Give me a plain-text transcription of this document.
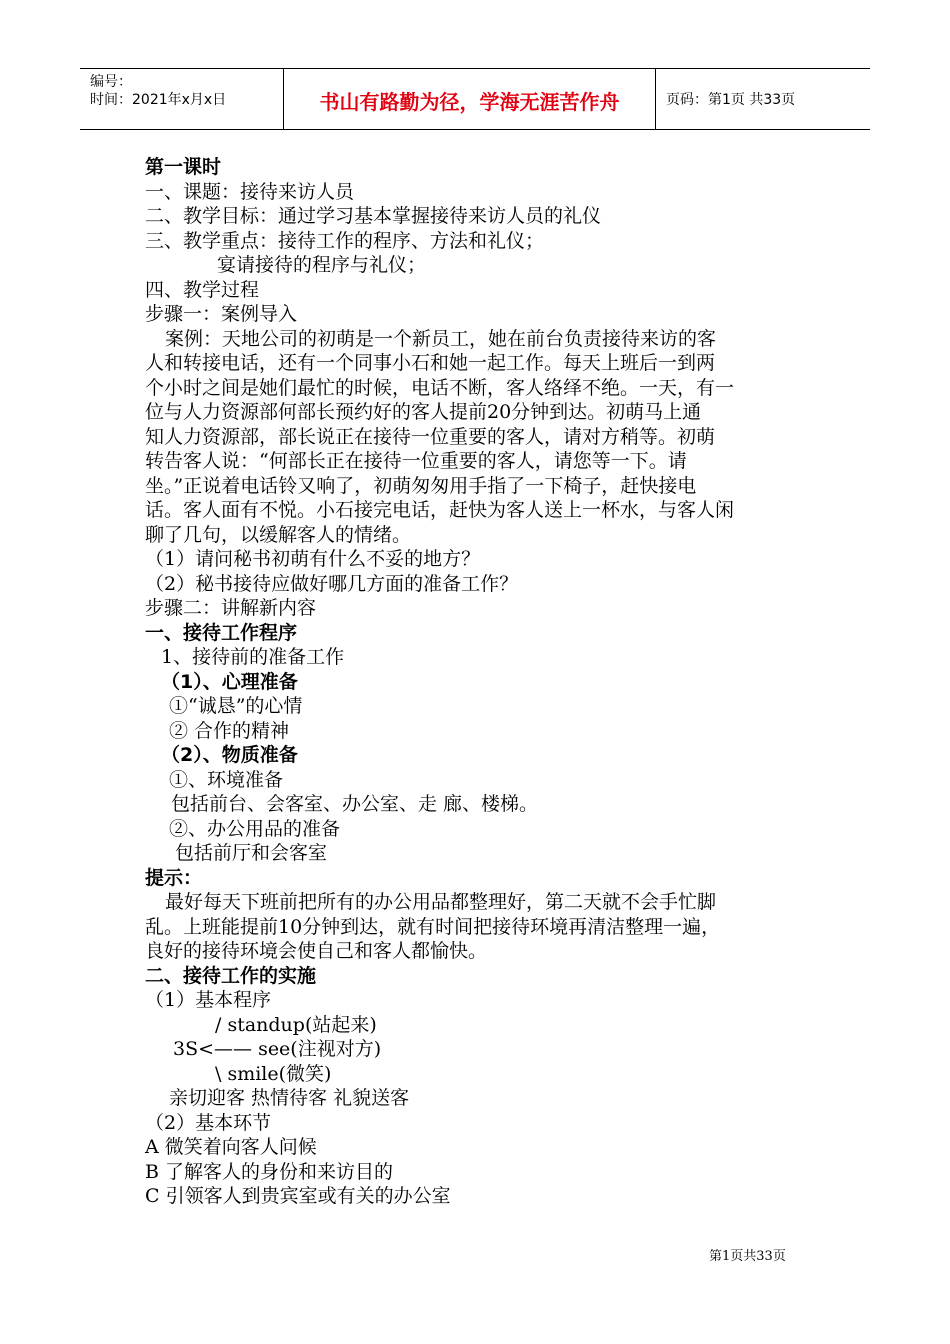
编号：
时间：2021年x月x日	书山有路勤为径，学海无涯苦作舟	页码：第1页 共33页
第一课时
一、课题：接待来访人员
二、教学目标：通过学习基本掌握接待来访人员的礼仪
三、教学重点：接待工作的程序、方法和礼仪；
宴请接待的程序与礼仪；
四、教学过程
步骤一：案例导入
案例：天地公司的初萌是一个新员工，她在前台负责接待来访的客
人和转接电话，还有一个同事小石和她一起工作。每天上班后一到两
个小时之间是她们最忙的时候，电话不断，客人络绎不绝。一天，有一
位与人力资源部何部长预约好的客人提前20分钟到达。初萌马上通
知人力资源部，部长说正在接待一位重要的客人，请对方稍等。初萌
转告客人说：“何部长正在接待一位重要的客人，请您等一下。请
坐。”正说着电话铃又响了，初萌匆匆用手指了一下椅子，赶快接电
话。客人面有不悦。小石接完电话，赶快为客人送上一杯水，与客人闲
聊了几句，以缓解客人的情绪。
（1）请问秘书初萌有什么不妥的地方？
（2）秘书接待应做好哪几方面的准备工作？
步骤二：讲解新内容
一、接待工作程序
1、接待前的准备工作
（1）、心理准备
①“诚恳”的心情
② 合作的精神
（2）、物质准备
①、环境准备
包括前台、会客室、办公室、走 廊、楼梯。
②、办公用品的准备
包括前厅和会客室
提示：
最好每天下班前把所有的办公用品都整理好，第二天就不会手忙脚
乱。上班能提前10分钟到达，就有时间把接待环境再清洁整理一遍，
良好的接待环境会使自己和客人都愉快。
二、接待工作的实施
（1）基本程序
/ standup(站起来)
3S<—— see(注视对方)
\ smile(微笑)
亲切迎客 热情待客 礼貌送客
（2）基本环节
A 微笑着向客人问候
B 了解客人的身份和来访目的
C 引领客人到贵宾室或有关的办公室
第1页共33页
